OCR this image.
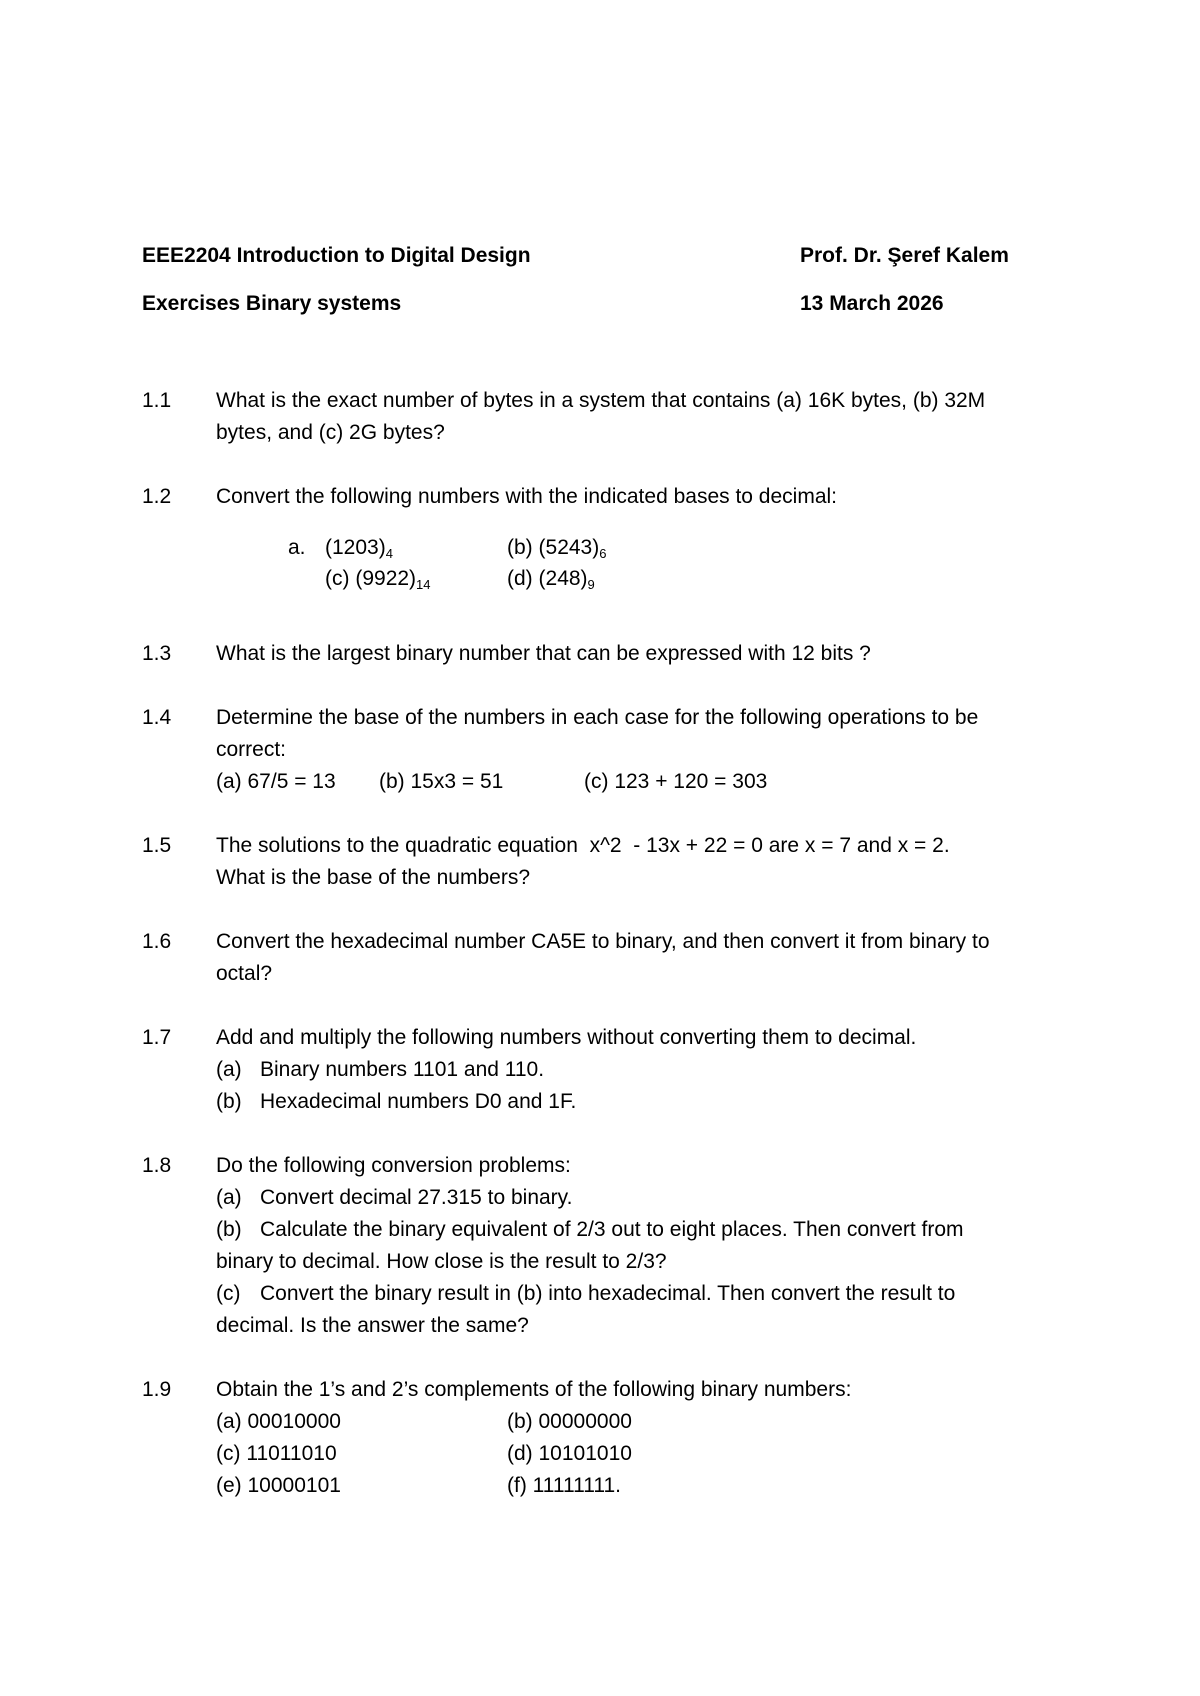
EEE2204 Introduction to Digital Design	Prof. Dr. Şeref Kalem
Exercises Binary systems	13 March 2026
1.1 What is the exact number of bytes in a system that contains (a) 16K bytes, (b) 32M
bytes, and (c) 2G bytes?
1.2 Convert the following numbers with the indicated bases to decimal:
a. $(1203)_4$	(b) $(5243)_6$
(c) $(9922)_{14}$	(d) $(248)_9$
1.3 What is the largest binary number that can be expressed with 12 bits ?
1.4 Determine the base of the numbers in each case for the following operations to be
correct:
(a) 67/5 = 13 (b) 15x3 = 51	(c) 123 + 120 = 303
1.5 The solutions to the quadratic equation  x^2  - 13x + 22 = 0 are x = 7 and x = 2.
What is the base of the numbers?
1.6 Convert the hexadecimal number CA5E to binary, and then convert it from binary to
octal?
1.7 Add and multiply the following numbers without converting them to decimal.
(a) Binary numbers 1101 and 110.
(b) Hexadecimal numbers D0 and 1F.
1.8 Do the following conversion problems:
(a) Convert decimal 27.315 to binary.
(b) Calculate the binary equivalent of 2/3 out to eight places. Then convert from
binary to decimal. How close is the result to 2/3?
(c) Convert the binary result in (b) into hexadecimal. Then convert the result to
decimal. Is the answer the same?
1.9 Obtain the 1’s and 2’s complements of the following binary numbers:
(a) 00010000	(b) 00000000
(c) 11011010	(d) 10101010
(e) 10000101	(f) 11111111.
